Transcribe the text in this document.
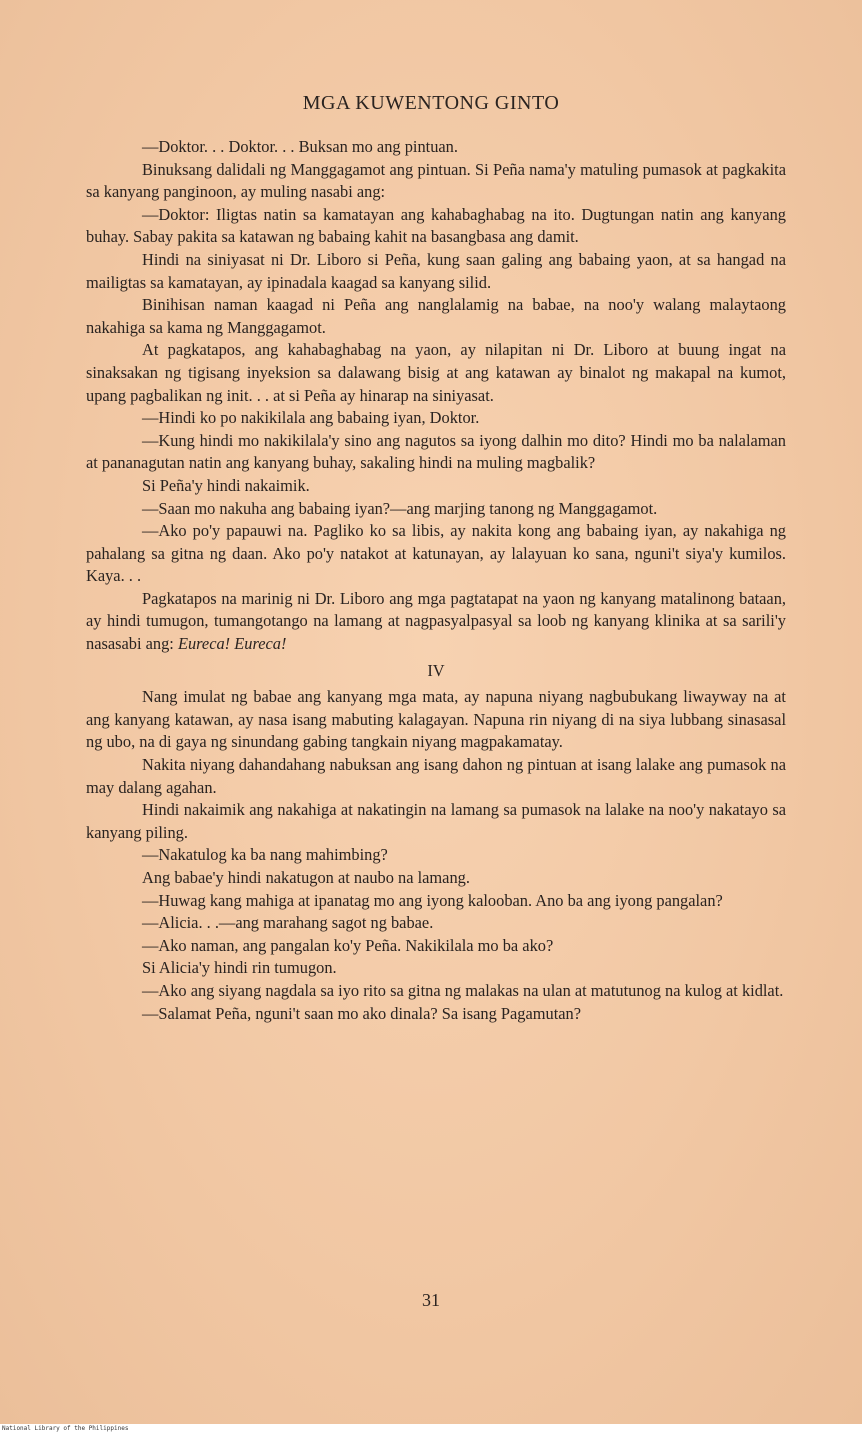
MGA KUWENTONG GINTO

—Doktor. . . Doktor. . . Buksan mo ang pintuan.

Binuksang dalidali ng Manggagamot ang pintuan. Si Peña nama'y matuling pumasok at pagkakita sa kanyang panginoon, ay muling nasabi ang:

—Doktor: Iligtas natin sa kamatayan ang kahabaghabag na ito. Dugtungan natin ang kanyang buhay. Sabay pakita sa katawan ng babaing kahit na basangbasa ang damit.

Hindi na siniyasat ni Dr. Liboro si Peña, kung saan galing ang babaing yaon, at sa hangad na mailigtas sa kamatayan, ay ipinadala kaagad sa kanyang silid.

Binihisan naman kaagad ni Peña ang nanglalamig na babae, na noo'y walang malaytaong nakahiga sa kama ng Manggagamot.

At pagkatapos, ang kahabaghabag na yaon, ay nilapitan ni Dr. Liboro at buung ingat na sinaksakan ng tigisang inyeksion sa dalawang bisig at ang katawan ay binalot ng makapal na kumot, upang pagbalikan ng init. . . at si Peña ay hinarap na siniyasat.

—Hindi ko po nakikilala ang babaing iyan, Doktor.

—Kung hindi mo nakikilala'y sino ang nagutos sa iyong dalhin mo dito? Hindi mo ba nalalaman at pananagutan natin ang kanyang buhay, sakaling hindi na muling magbalik?

Si Peña'y hindi nakaimik.

—Saan mo nakuha ang babaing iyan?—ang marjing tanong ng Manggagamot.

—Ako po'y papauwi na. Pagliko ko sa libis, ay nakita kong ang babaing iyan, ay nakahiga ng pahalang sa gitna ng daan. Ako po'y natakot at katunayan, ay lalayuan ko sana, nguni't siya'y kumilos. Kaya. . .

Pagkatapos na marinig ni Dr. Liboro ang mga pagtatapat na yaon ng kanyang matalinong bataan, ay hindi tumugon, tumangotango na lamang at nagpasyalpasyal sa loob ng kanyang klinika at sa sarili'y nasasabi ang: Eureca! Eureca!

IV

Nang imulat ng babae ang kanyang mga mata, ay napuna niyang nagbubukang liwayway na at ang kanyang katawan, ay nasa isang mabuting kalagayan. Napuna rin niyang di na siya lubbang sinasasal ng ubo, na di gaya ng sinundang gabing tangkain niyang magpakamatay.

Nakita niyang dahandahang nabuksan ang isang dahon ng pintuan at isang lalake ang pumasok na may dalang agahan.

Hindi nakaimik ang nakahiga at nakatingin na lamang sa pumasok na lalake na noo'y nakatayo sa kanyang piling.

—Nakatulog ka ba nang mahimbing?

Ang babae'y hindi nakatugon at naubo na lamang.

—Huwag kang mahiga at ipanatag mo ang iyong kalooban. Ano ba ang iyong pangalan?

—Alicia. . .—ang marahang sagot ng babae.

—Ako naman, ang pangalan ko'y Peña. Nakikilala mo ba ako?

Si Alicia'y hindi rin tumugon.

—Ako ang siyang nagdala sa iyo rito sa gitna ng malakas na ulan at matutunog na kulog at kidlat.

—Salamat Peña, nguni't saan mo ako dinala? Sa isang Pagamutan?

31
National Library of the Philippines
